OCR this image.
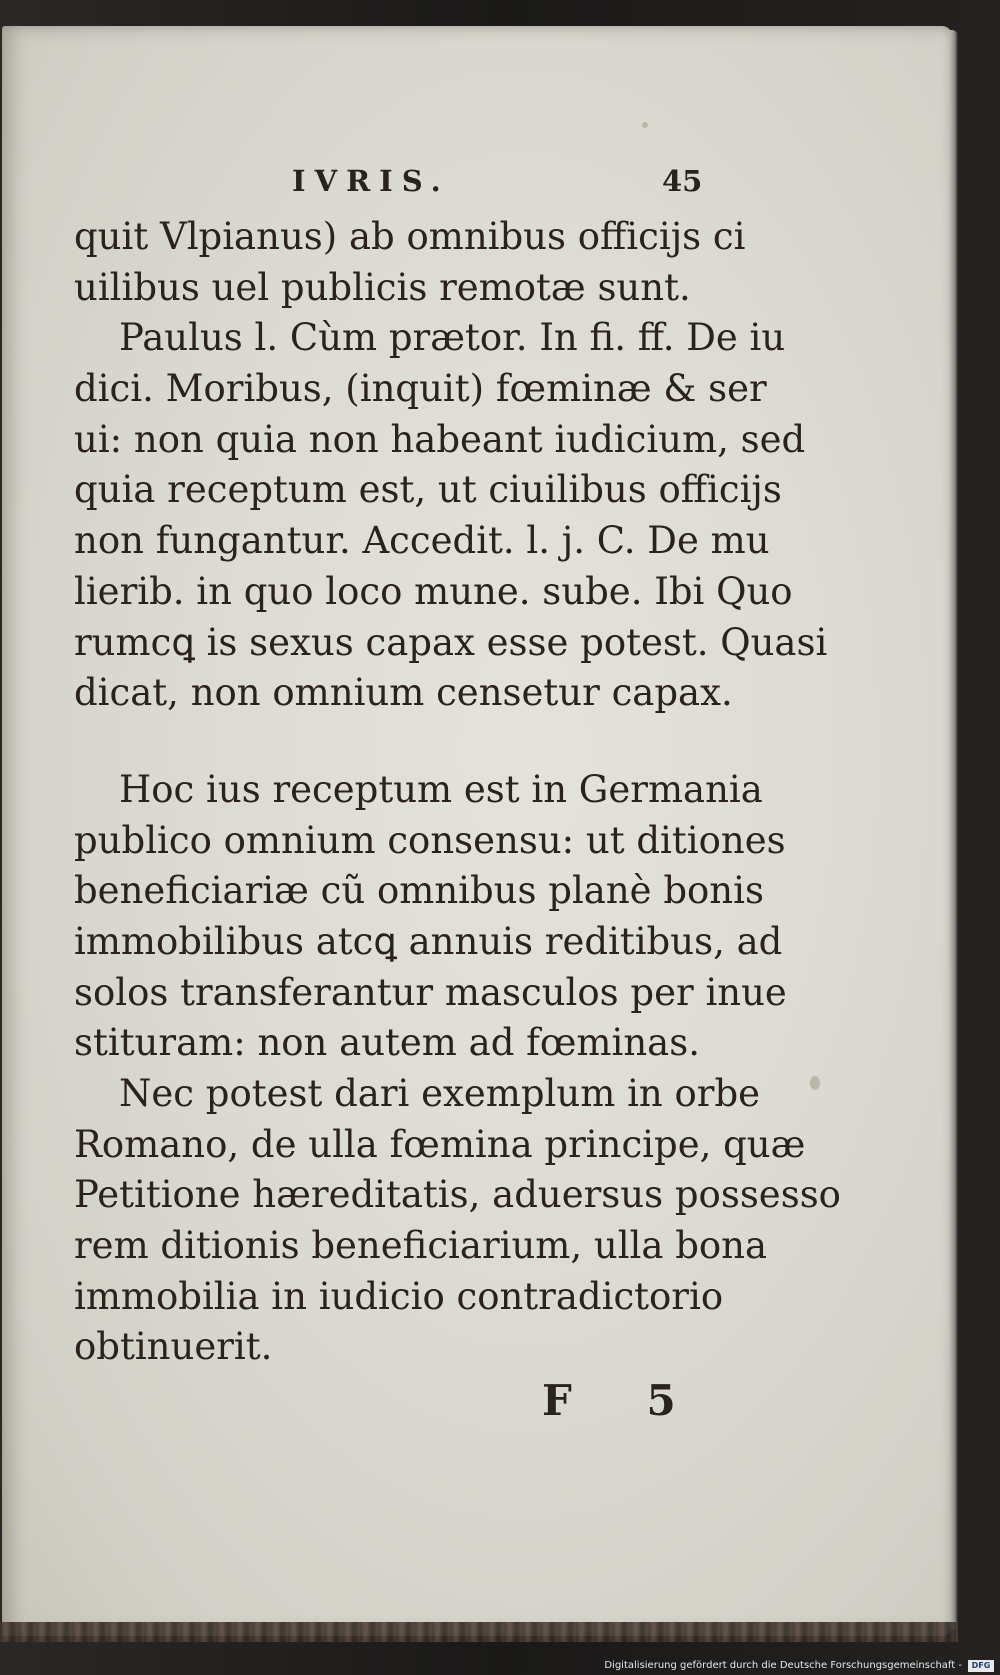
IVRIS.	45
quit Vlpianus) ab omnibus officijs ci
uilibus uel publicis remotæ sunt.
Paulus l. Cùm prætor. In fi. ff. De iu
dici. Moribus, (inquit) fœminæ & ser
ui: non quia non habeant iudicium, sed
quia receptum est, ut ciuilibus officijs
non fungantur. Accedit. l. j. C. De mu
lierib. in quo loco mune. sube. Ibi Quo
rumcꝗ is sexus capax esse potest. Quasi
dicat, non omnium censetur capax.
Hoc ius receptum est in Germania
publico omnium consensu: ut ditiones
beneficiariæ cũ omnibus planè bonis
immobilibus atcꝗ annuis reditibus, ad
solos transferantur masculos per inue
stituram: non autem ad fœminas.
Nec potest dari exemplum in orbe
Romano, de ulla fœmina principe, quæ
Petitione hæreditatis, aduersus possesso
rem ditionis beneficiarium, ulla bona
immobilia in iudicio contradictorio
obtinuerit.
F 5
Digitalisierung gefördert durch die Deutsche Forschungsgemeinschaft -	DFG
